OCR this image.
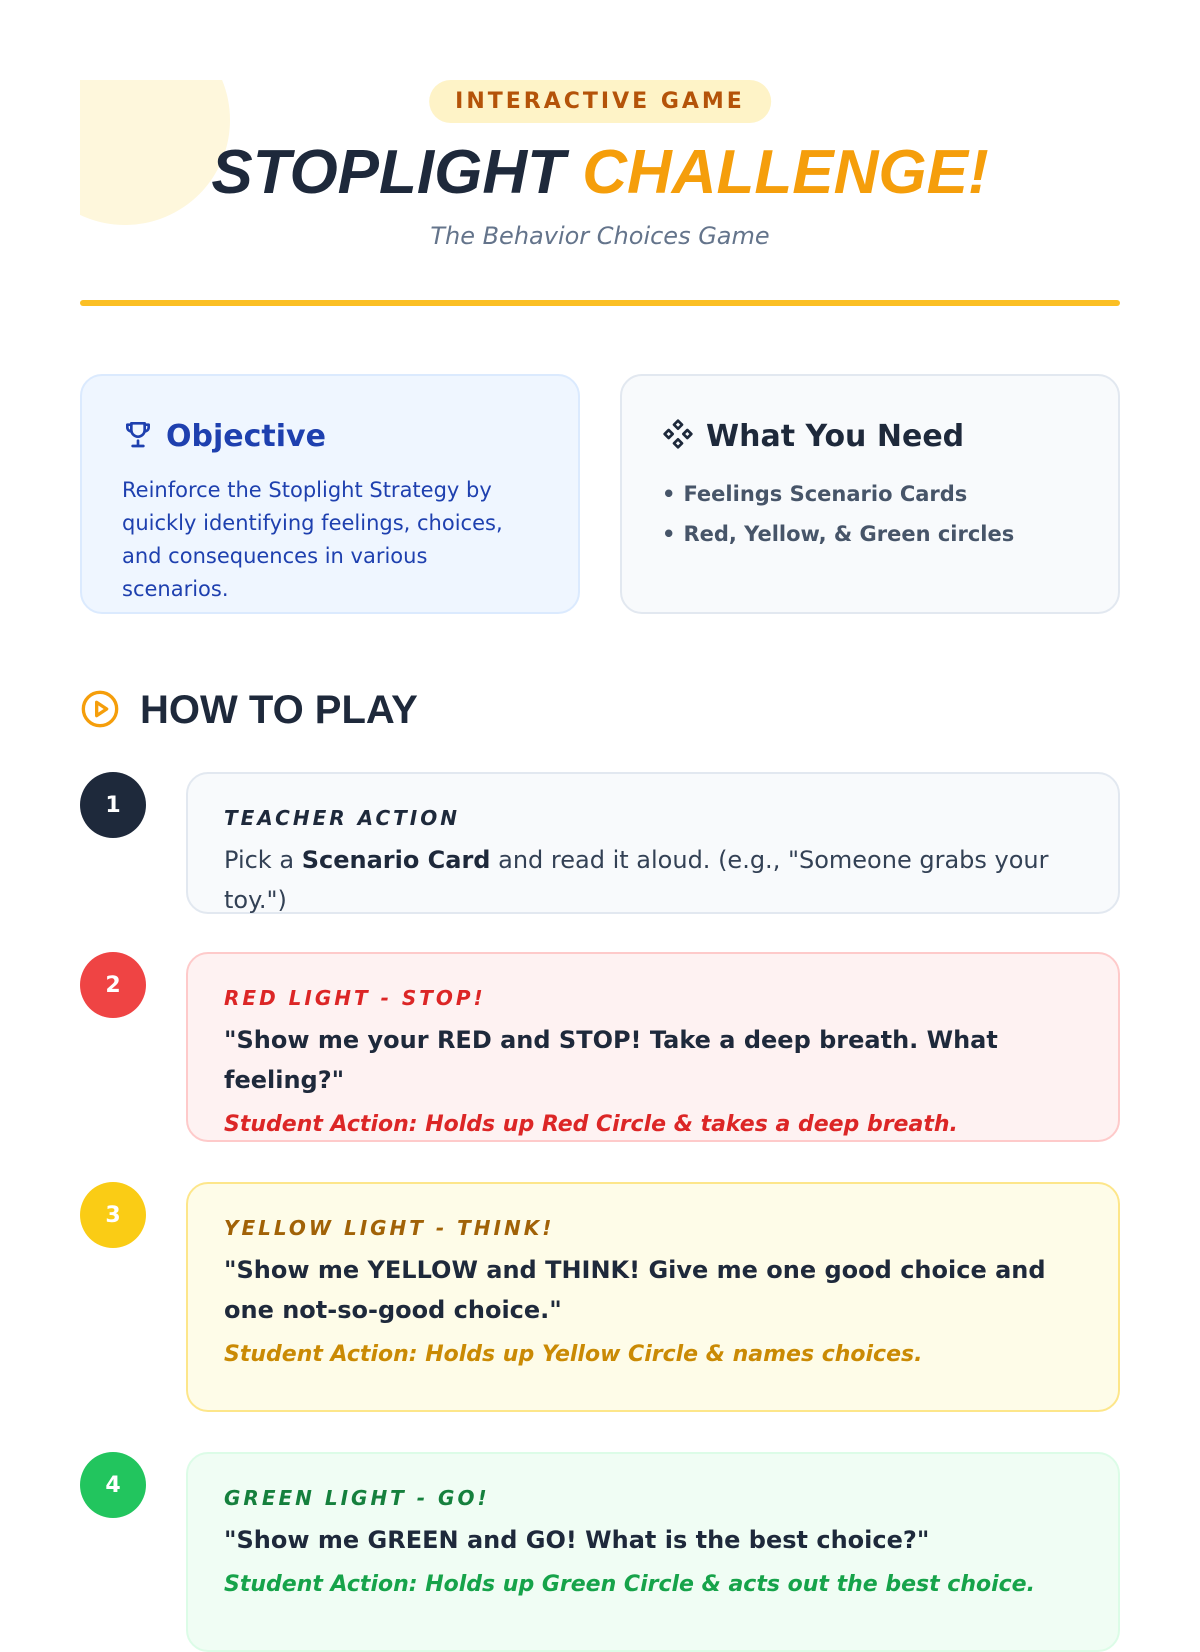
INTERACTIVE GAME
STOPLIGHT CHALLENGE!
The Behavior Choices Game
Objective
Reinforce the Stoplight Strategy by quickly identifying feelings, choices, and consequences in various scenarios.
What You Need
• Feelings Scenario Cards
• Red, Yellow, & Green circles
HOW TO PLAY
1
TEACHER ACTION
Pick a Scenario Card and read it aloud. (e.g., "Someone grabs your toy.")
2
RED LIGHT - STOP!
"Show me your RED and STOP! Take a deep breath. What feeling?"
Student Action: Holds up Red Circle & takes a deep breath.
3
YELLOW LIGHT - THINK!
"Show me YELLOW and THINK! Give me one good choice and one not-so-good choice."
Student Action: Holds up Yellow Circle & names choices.
4
GREEN LIGHT - GO!
"Show me GREEN and GO! What is the best choice?"
Student Action: Holds up Green Circle & acts out the best choice.
